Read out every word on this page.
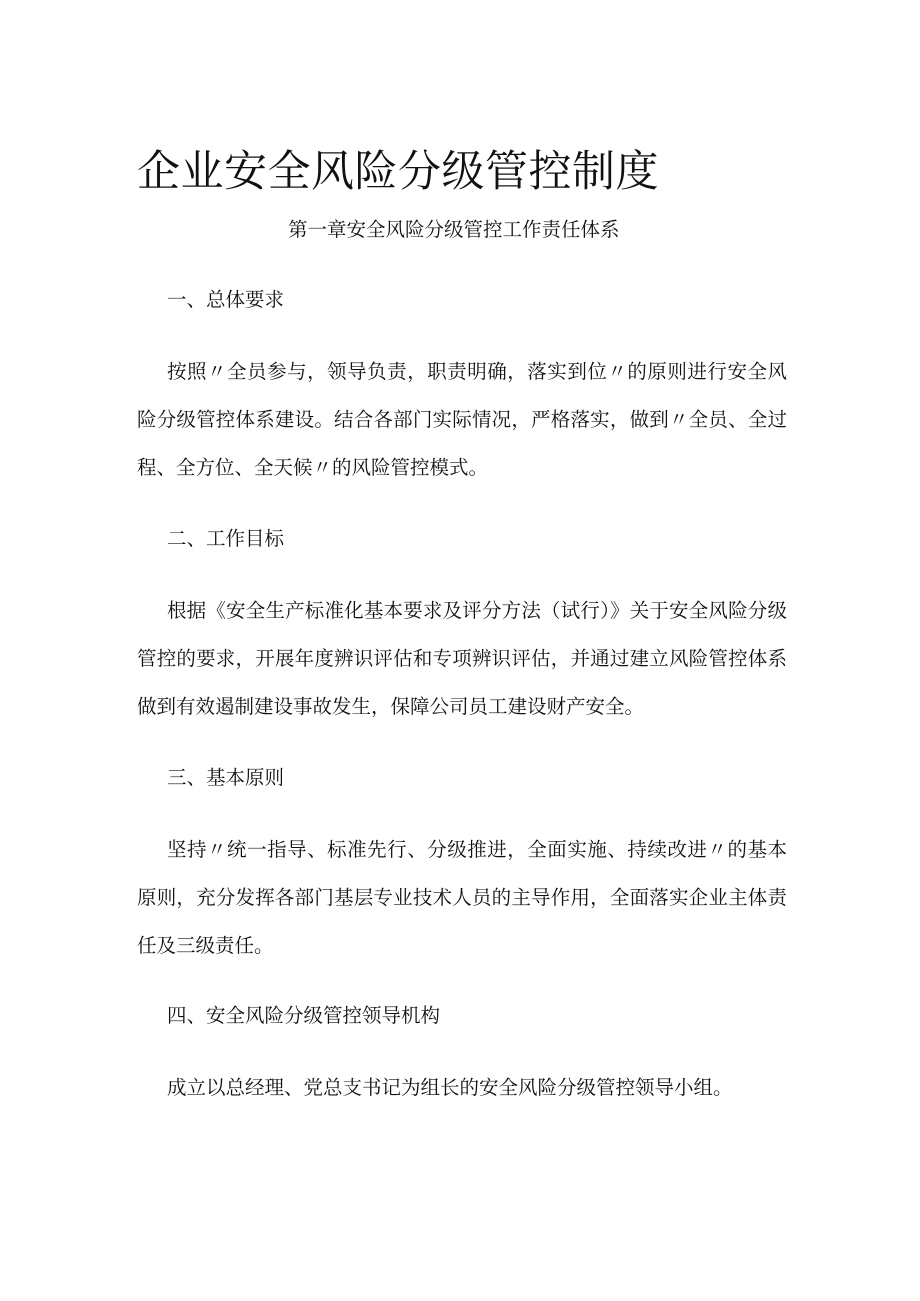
企业安全风险分级管控制度
第一章安全风险分级管控工作责任体系
一、总体要求

按照〃全员参与，领导负责，职责明确，落实到位〃的原则进行安全风险分级管控体系建设。结合各部门实际情况，严格落实，做到〃全员、全过程、全方位、全天候〃的风险管控模式。

二、工作目标

根据《安全生产标准化基本要求及评分方法（试行）》关于安全风险分级管控的要求，开展年度辨识评估和专项辨识评估，并通过建立风险管控体系做到有效遏制建设事故发生，保障公司员工建设财产安全。

三、基本原则

坚持〃统一指导、标准先行、分级推进，全面实施、持续改进〃的基本原则，充分发挥各部门基层专业技术人员的主导作用，全面落实企业主体责任及三级责任。

四、安全风险分级管控领导机构

成立以总经理、党总支书记为组长的安全风险分级管控领导小组。
